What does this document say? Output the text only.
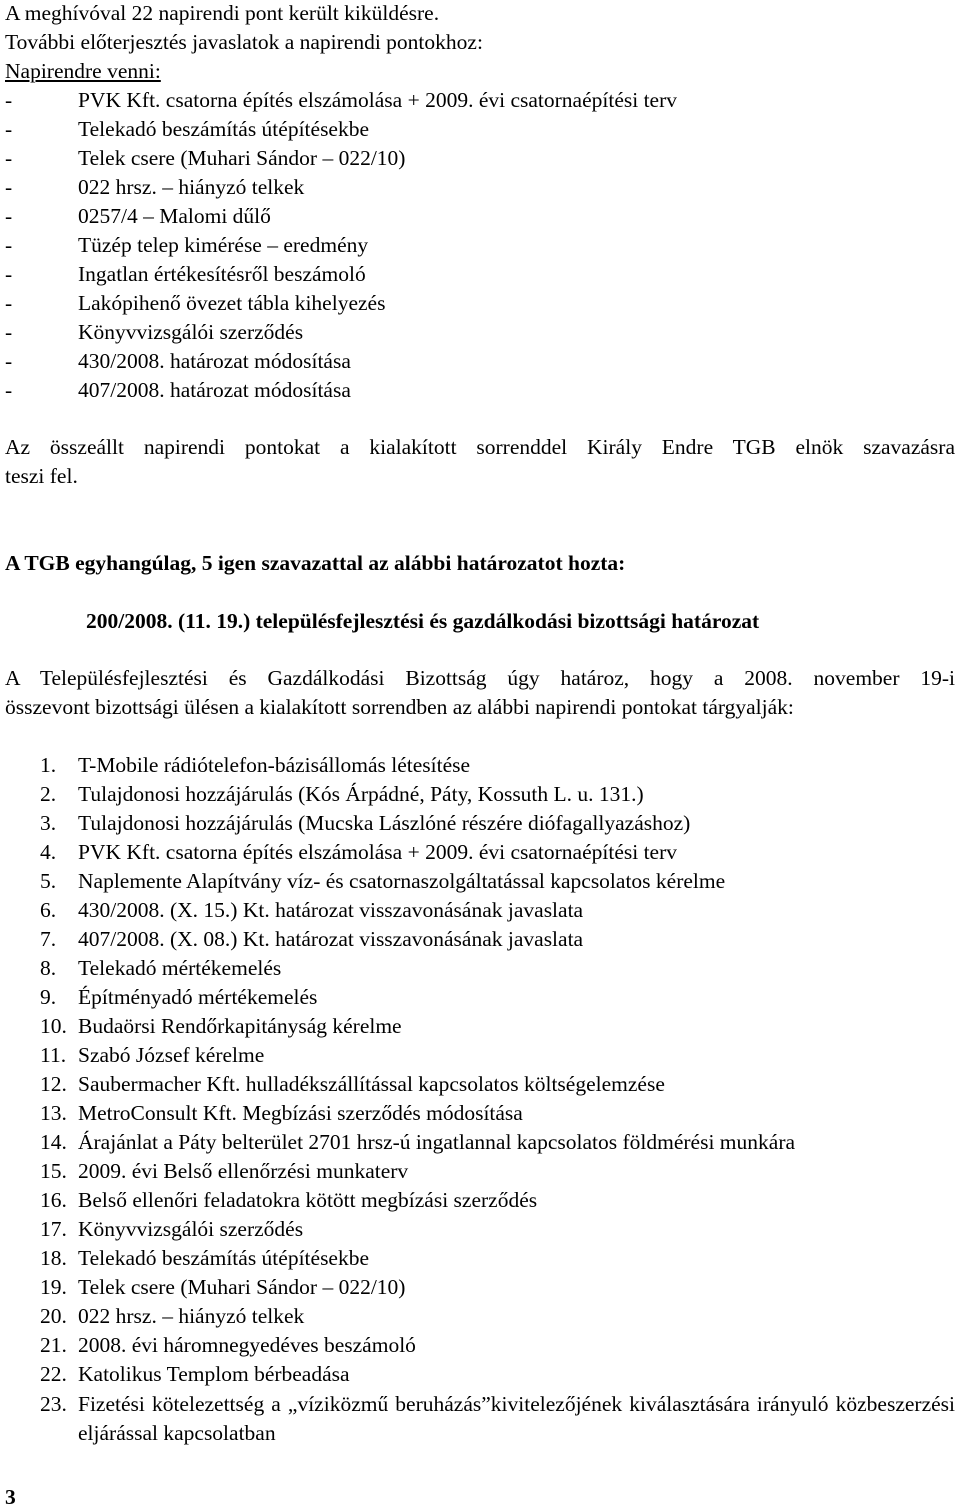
A meghívóval 22 napirendi pont került kiküldésre.
További előterjesztés javaslatok a napirendi pontokhoz:
Napirendre venni:
-	PVK Kft. csatorna építés elszámolása + 2009. évi csatornaépítési terv
-	Telekadó beszámítás útépítésekbe
-	Telek csere (Muhari Sándor – 022/10)
-	022 hrsz. – hiányzó telkek
-	0257/4 – Malomi dűlő
-	Tüzép telep kimérése – eredmény
-	Ingatlan értékesítésről beszámoló
-	Lakópihenő övezet tábla kihelyezés
-	Könyvvizsgálói szerződés
-	430/2008. határozat módosítása
-	407/2008. határozat módosítása
Az összeállt napirendi pontokat a kialakított sorrenddel Király Endre TGB elnök szavazásra
teszi fel.
A TGB egyhangúlag, 5 igen szavazattal az alábbi határozatot hozta:
200/2008. (11. 19.) településfejlesztési és gazdálkodási bizottsági határozat
A Településfejlesztési és Gazdálkodási Bizottság úgy határoz, hogy a 2008. november 19-i
összevont bizottsági ülésen a kialakított sorrendben az alábbi napirendi pontokat tárgyalják:
1. T-Mobile rádiótelefon-bázisállomás létesítése
2. Tulajdonosi hozzájárulás (Kós Árpádné, Páty, Kossuth L. u. 131.)
3. Tulajdonosi hozzájárulás (Mucska Lászlóné részére diófagallyazáshoz)
4. PVK Kft. csatorna építés elszámolása + 2009. évi csatornaépítési terv
5. Naplemente Alapítvány víz- és csatornaszolgáltatással kapcsolatos kérelme
6. 430/2008. (X. 15.) Kt. határozat visszavonásának javaslata
7. 407/2008. (X. 08.) Kt. határozat visszavonásának javaslata
8. Telekadó mértékemelés
9. Építményadó mértékemelés
10. Budaörsi Rendőrkapitányság kérelme
11. Szabó József kérelme
12. Saubermacher Kft. hulladékszállítással kapcsolatos költségelemzése
13. MetroConsult Kft. Megbízási szerződés módosítása
14. Árajánlat a Páty belterület 2701 hrsz-ú ingatlannal kapcsolatos földmérési munkára
15. 2009. évi Belső ellenőrzési munkaterv
16. Belső ellenőri feladatokra kötött megbízási szerződés
17. Könyvvizsgálói szerződés
18. Telekadó beszámítás útépítésekbe
19. Telek csere (Muhari Sándor – 022/10)
20. 022 hrsz. – hiányzó telkek
21. 2008. évi háromnegyedéves beszámoló
22. Katolikus Templom bérbeadása
23. Fizetési kötelezettség a „víziközmű beruházás”kivitelezőjének kiválasztására irányuló közbeszerzési eljárással kapcsolatban
3
